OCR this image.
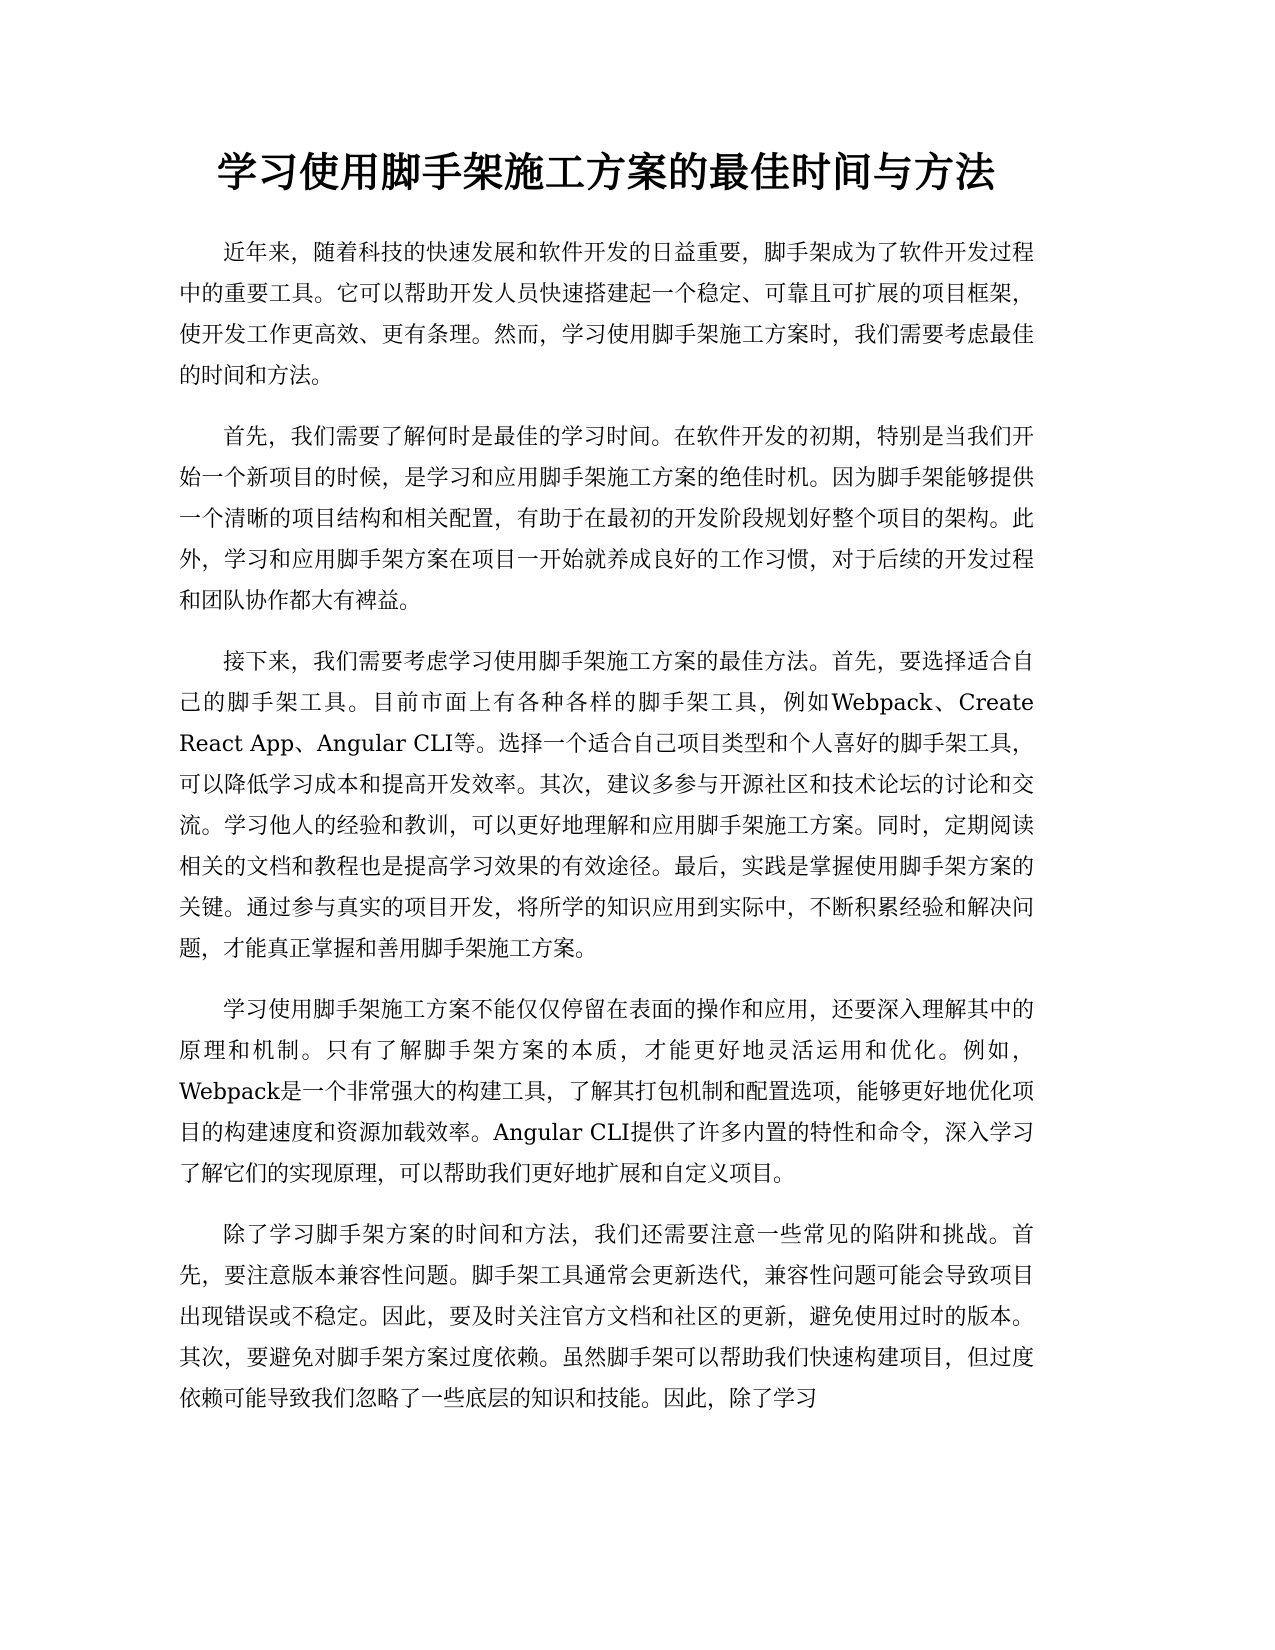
学习使用脚手架施工方案的最佳时间与方法

近年来，随着科技的快速发展和软件开发的日益重要，脚手架成为了软件开发过程中的重要工具。它可以帮助开发人员快速搭建起一个稳定、可靠且可扩展的项目框架，使开发工作更高效、更有条理。然而，学习使用脚手架施工方案时，我们需要考虑最佳的时间和方法。

首先，我们需要了解何时是最佳的学习时间。在软件开发的初期，特别是当我们开始一个新项目的时候，是学习和应用脚手架施工方案的绝佳时机。因为脚手架能够提供一个清晰的项目结构和相关配置，有助于在最初的开发阶段规划好整个项目的架构。此外，学习和应用脚手架方案在项目一开始就养成良好的工作习惯，对于后续的开发过程和团队协作都大有裨益。

接下来，我们需要考虑学习使用脚手架施工方案的最佳方法。首先，要选择适合自己的脚手架工具。目前市面上有各种各样的脚手架工具，例如Webpack、Create React App、Angular CLI等。选择一个适合自己项目类型和个人喜好的脚手架工具，可以降低学习成本和提高开发效率。其次，建议多参与开源社区和技术论坛的讨论和交流。学习他人的经验和教训，可以更好地理解和应用脚手架施工方案。同时，定期阅读相关的文档和教程也是提高学习效果的有效途径。最后，实践是掌握使用脚手架方案的关键。通过参与真实的项目开发，将所学的知识应用到实际中，不断积累经验和解决问题，才能真正掌握和善用脚手架施工方案。

学习使用脚手架施工方案不能仅仅停留在表面的操作和应用，还要深入理解其中的原理和机制。只有了解脚手架方案的本质，才能更好地灵活运用和优化。例如，Webpack是一个非常强大的构建工具，了解其打包机制和配置选项，能够更好地优化项目的构建速度和资源加载效率。Angular CLI提供了许多内置的特性和命令，深入学习了解它们的实现原理，可以帮助我们更好地扩展和自定义项目。

除了学习脚手架方案的时间和方法，我们还需要注意一些常见的陷阱和挑战。首先，要注意版本兼容性问题。脚手架工具通常会更新迭代，兼容性问题可能会导致项目出现错误或不稳定。因此，要及时关注官方文档和社区的更新，避免使用过时的版本。其次，要避免对脚手架方案过度依赖。虽然脚手架可以帮助我们快速构建项目，但过度依赖可能导致我们忽略了一些底层的知识和技能。因此，除了学习
